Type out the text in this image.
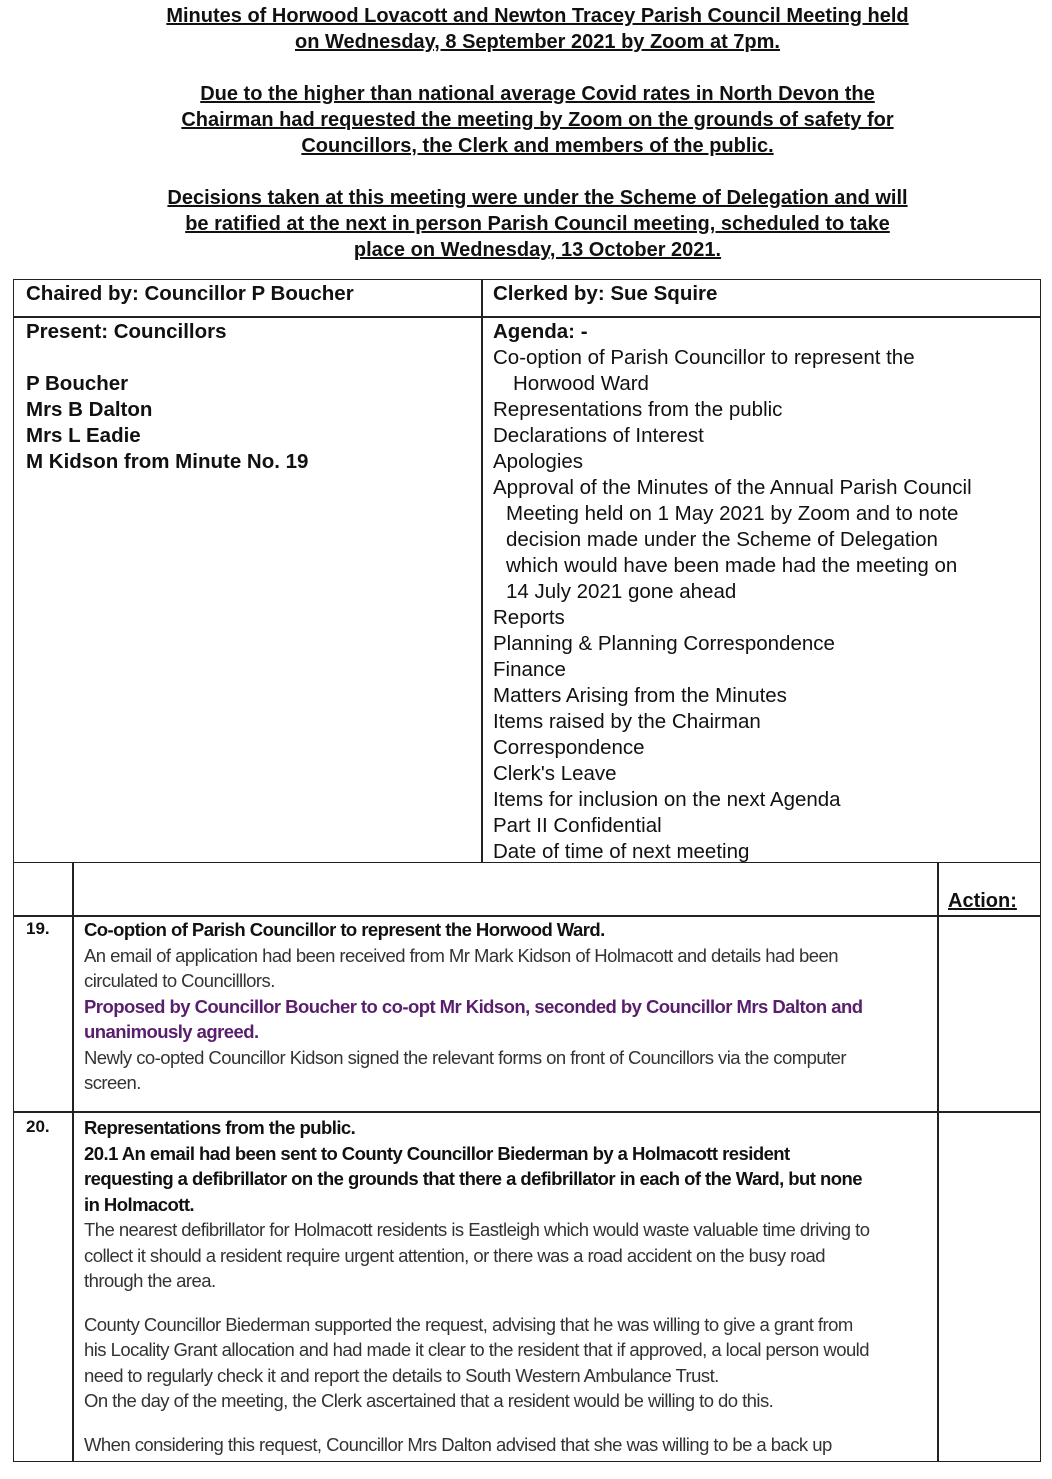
Minutes of Horwood Lovacott and Newton Tracey Parish Council Meeting held

on Wednesday, 8 September 2021 by Zoom at 7pm.

Due to the higher than national average Covid rates in North Devon the

Chairman had requested the meeting by Zoom on the grounds of safety for

Councillors, the Clerk and members of the public.

Decisions taken at this meeting were under the Scheme of Delegation and will

be ratified at the next in person Parish Council meeting, scheduled to take

place on Wednesday, 13 October 2021.

Chaired by: Councillor P Boucher	Clerked by: Sue Squire
Present: Councillors
P Boucher
Mrs B Dalton
Mrs L Eadie
M Kidson from Minute No. 19
Agenda: -
Co-option of Parish Councillor to represent the
Horwood Ward
Representations from the public
Declarations of Interest
Apologies
Approval of the Minutes of the Annual Parish Council
Meeting held on 1 May 2021 by Zoom and to note
decision made under the Scheme of Delegation
which would have been made had the meeting on
14 July 2021 gone ahead
Reports
Planning & Planning Correspondence
Finance
Matters Arising from the Minutes
Items raised by the Chairman
Correspondence
Clerk's Leave
Items for inclusion on the next Agenda
Part II Confidential
Date of time of next meeting
Action:
19. Co-option of Parish Councillor to represent the Horwood Ward.

An email of application had been received from Mr Mark Kidson of Holmacott and details had been

circulated to Councilllors.

Proposed by Councillor Boucher to co-opt Mr Kidson, seconded by Councillor Mrs Dalton and

unanimously agreed.

Newly co-opted Councillor Kidson signed the relevant forms on front of Councillors via the computer

screen.

20. Representations from the public.

20.1 An email had been sent to County Councillor Biederman by a Holmacott resident

requesting a defibrillator on the grounds that there a defibrillator in each of the Ward, but none

in Holmacott.

The nearest defibrillator for Holmacott residents is Eastleigh which would waste valuable time driving to

collect it should a resident require urgent attention, or there was a road accident on the busy road

through the area.

County Councillor Biederman supported the request, advising that he was willing to give a grant from

his Locality Grant allocation and had made it clear to the resident that if approved, a local person would

need to regularly check it and report the details to South Western Ambulance Trust.

On the day of the meeting, the Clerk ascertained that a resident would be willing to do this.

When considering this request, Councillor Mrs Dalton advised that she was willing to be a back up
